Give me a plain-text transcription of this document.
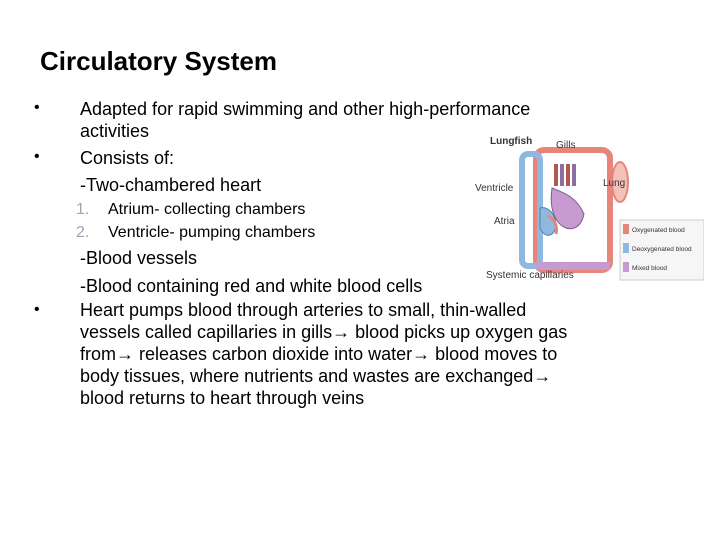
Circulatory System
• Adapted for rapid swimming and other high-performance activities
• Consists of:
-Two-chambered heart
1. Atrium- collecting chambers
2. Ventricle- pumping chambers
-Blood vessels
-Blood containing red and white blood cells
• Heart pumps blood through arteries to small, thin-walled vessels called capillaries in gills→ blood picks up oxygen gas from→ releases carbon dioxide into water→ blood moves to body tissues, where nutrients and wastes are exchanged→ blood returns to heart through veins
Lungfish Gills
Lung
Ventricle
Atria
Systemic capillaries
Oxygenated blood
Deoxygenated blood
Mixed blood
